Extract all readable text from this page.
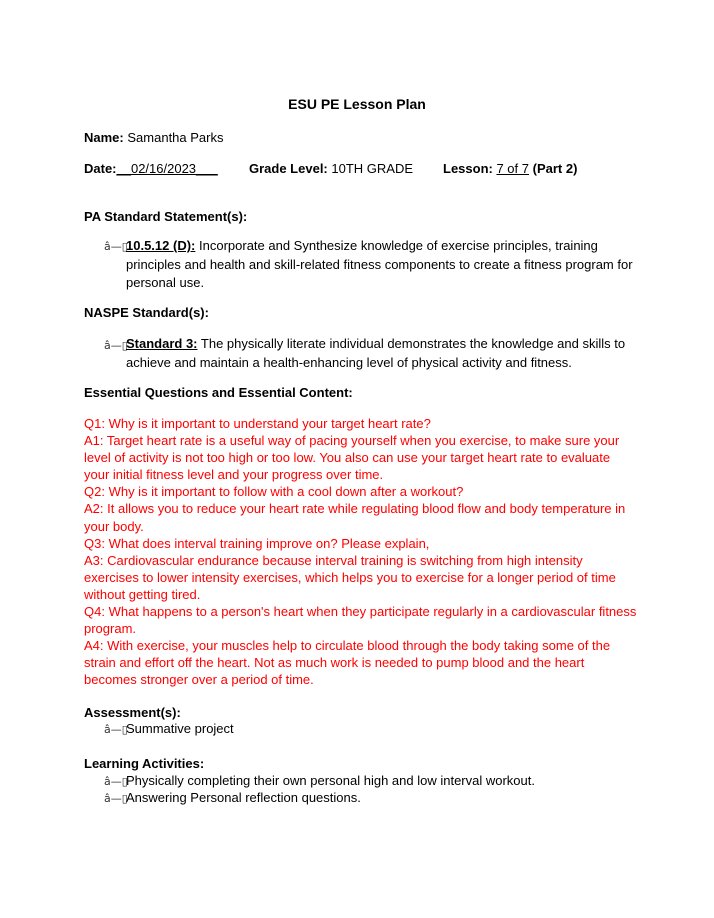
ESU PE Lesson Plan
Name: Samantha Parks
Date:__02/16/2023___ Grade Level: 10TH GRADE Lesson: 7 of 7 (Part 2)
PA Standard Statement(s):
â—▯
10.5.12 (D): Incorporate and Synthesize knowledge of exercise principles, training principles and health and skill-related fitness components to create a fitness program for personal use.
NASPE Standard(s):
â—▯
Standard 3: The physically literate individual demonstrates the knowledge and skills to achieve and maintain a health-enhancing level of physical activity and fitness.
Essential Questions and Essential Content:
Q1: Why is it important to understand your target heart rate?
A1: Target heart rate is a useful way of pacing yourself when you exercise, to make sure your
level of activity is not too high or too low. You also can use your target heart rate to evaluate
your initial fitness level and your progress over time.
Q2: Why is it important to follow with a cool down after a workout?
A2: It allows you to reduce your heart rate while regulating blood flow and body temperature in
your body.
Q3: What does interval training improve on? Please explain,
A3: Cardiovascular endurance because interval training is switching from high intensity
exercises to lower intensity exercises, which helps you to exercise for a longer period of time
without getting tired.
Q4: What happens to a person's heart when they participate regularly in a cardiovascular fitness
program.
A4: With exercise, your muscles help to circulate blood through the body taking some of the
strain and effort off the heart. Not as much work is needed to pump blood and the heart
becomes stronger over a period of time.
Assessment(s):
â—▯
Summative project
Learning Activities:
â—▯
Physically completing their own personal high and low interval workout.
â—▯
Answering Personal reflection questions.
